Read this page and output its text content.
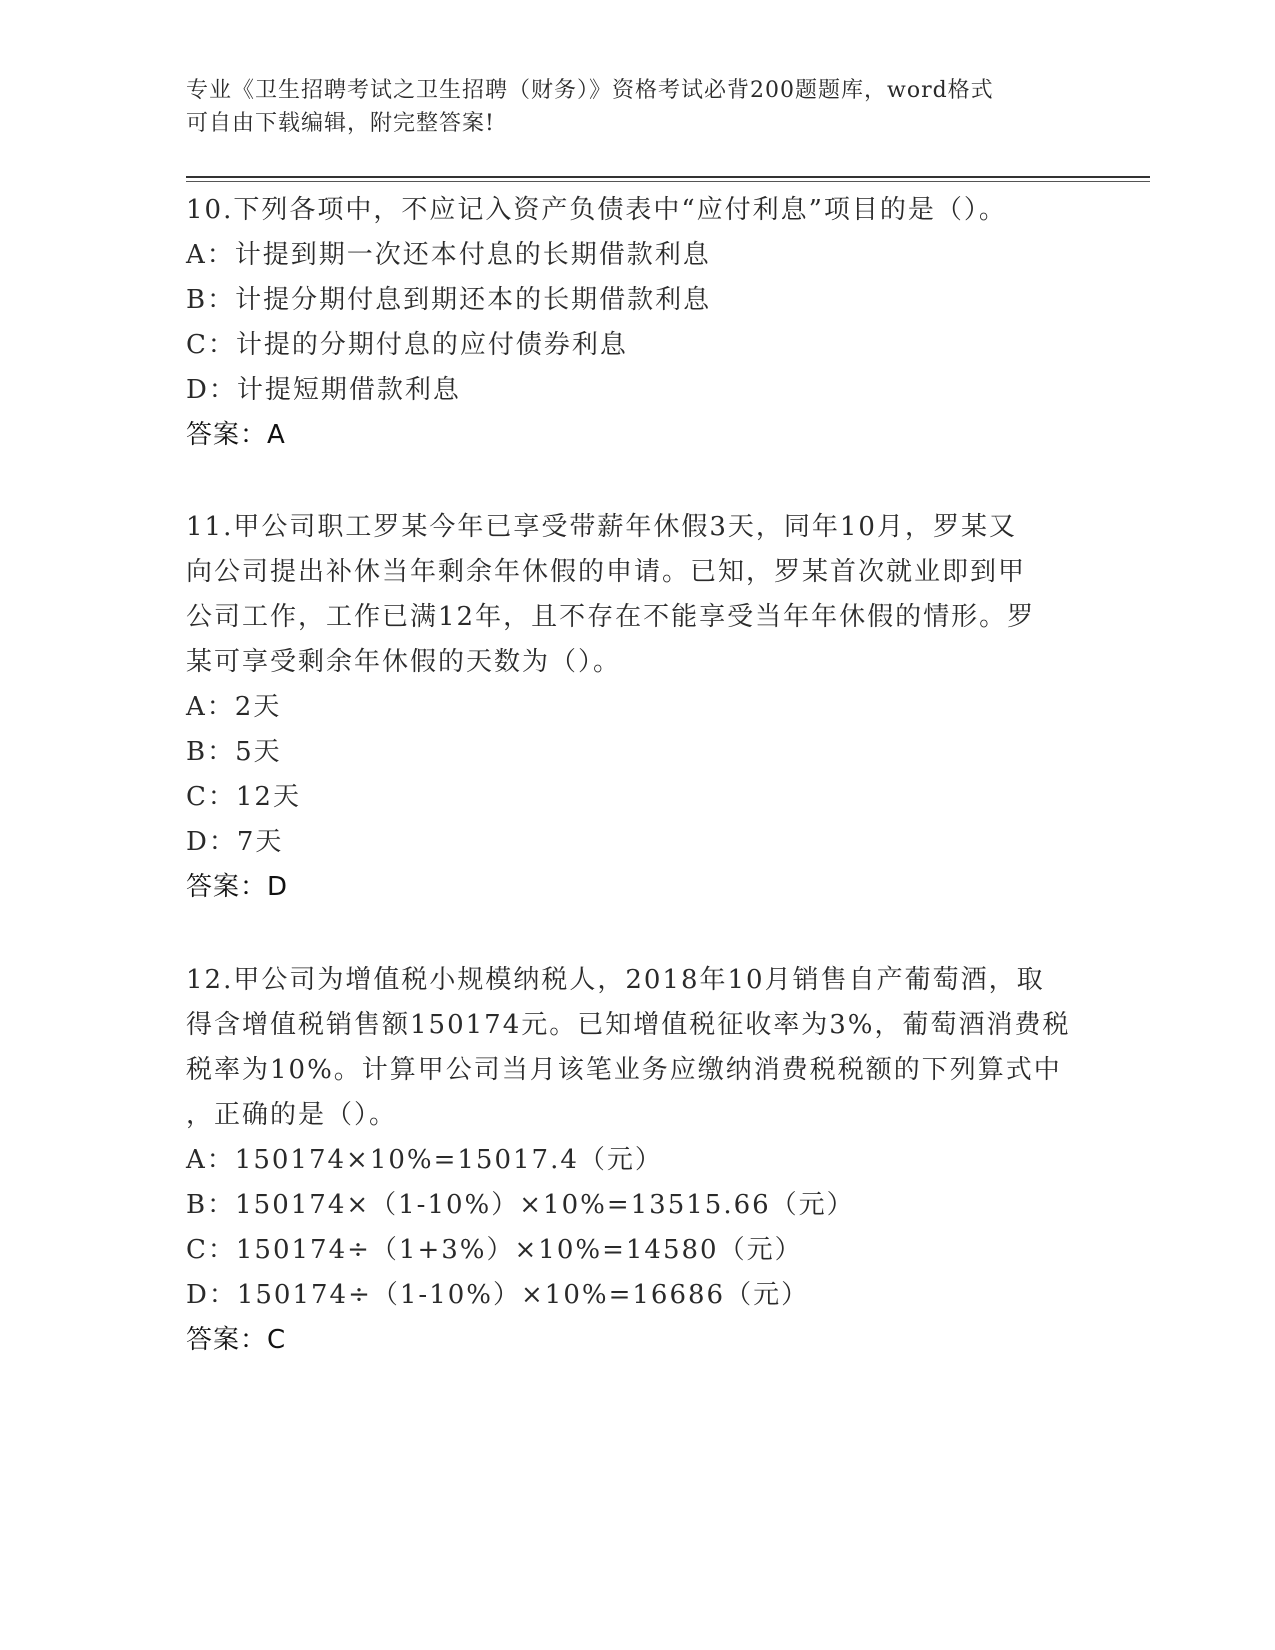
专业《卫生招聘考试之卫生招聘（财务）》资格考试必背200题题库，word格式
可自由下载编辑，附完整答案!
10.下列各项中，不应记入资产负债表中“应付利息”项目的是（）。
A：计提到期一次还本付息的长期借款利息
B：计提分期付息到期还本的长期借款利息
C：计提的分期付息的应付债券利息
D：计提短期借款利息
答案：A
11.甲公司职工罗某今年已享受带薪年休假3天，同年10月，罗某又
向公司提出补休当年剩余年休假的申请。已知，罗某首次就业即到甲
公司工作，工作已满12年，且不存在不能享受当年年休假的情形。罗
某可享受剩余年休假的天数为（）。
A：2天
B：5天
C：12天
D：7天
答案：D
12.甲公司为增值税小规模纳税人，2018年10月销售自产葡萄酒，取
得含增值税销售额150174元。已知增值税征收率为3%，葡萄酒消费税
税率为10%。计算甲公司当月该笔业务应缴纳消费税税额的下列算式中
，正确的是（）。
A：150174×10%=15017.4（元）
B：150174×（1-10%）×10%=13515.66（元）
C：150174÷（1+3%）×10%=14580（元）
D：150174÷（1-10%）×10%=16686（元）
答案：C
